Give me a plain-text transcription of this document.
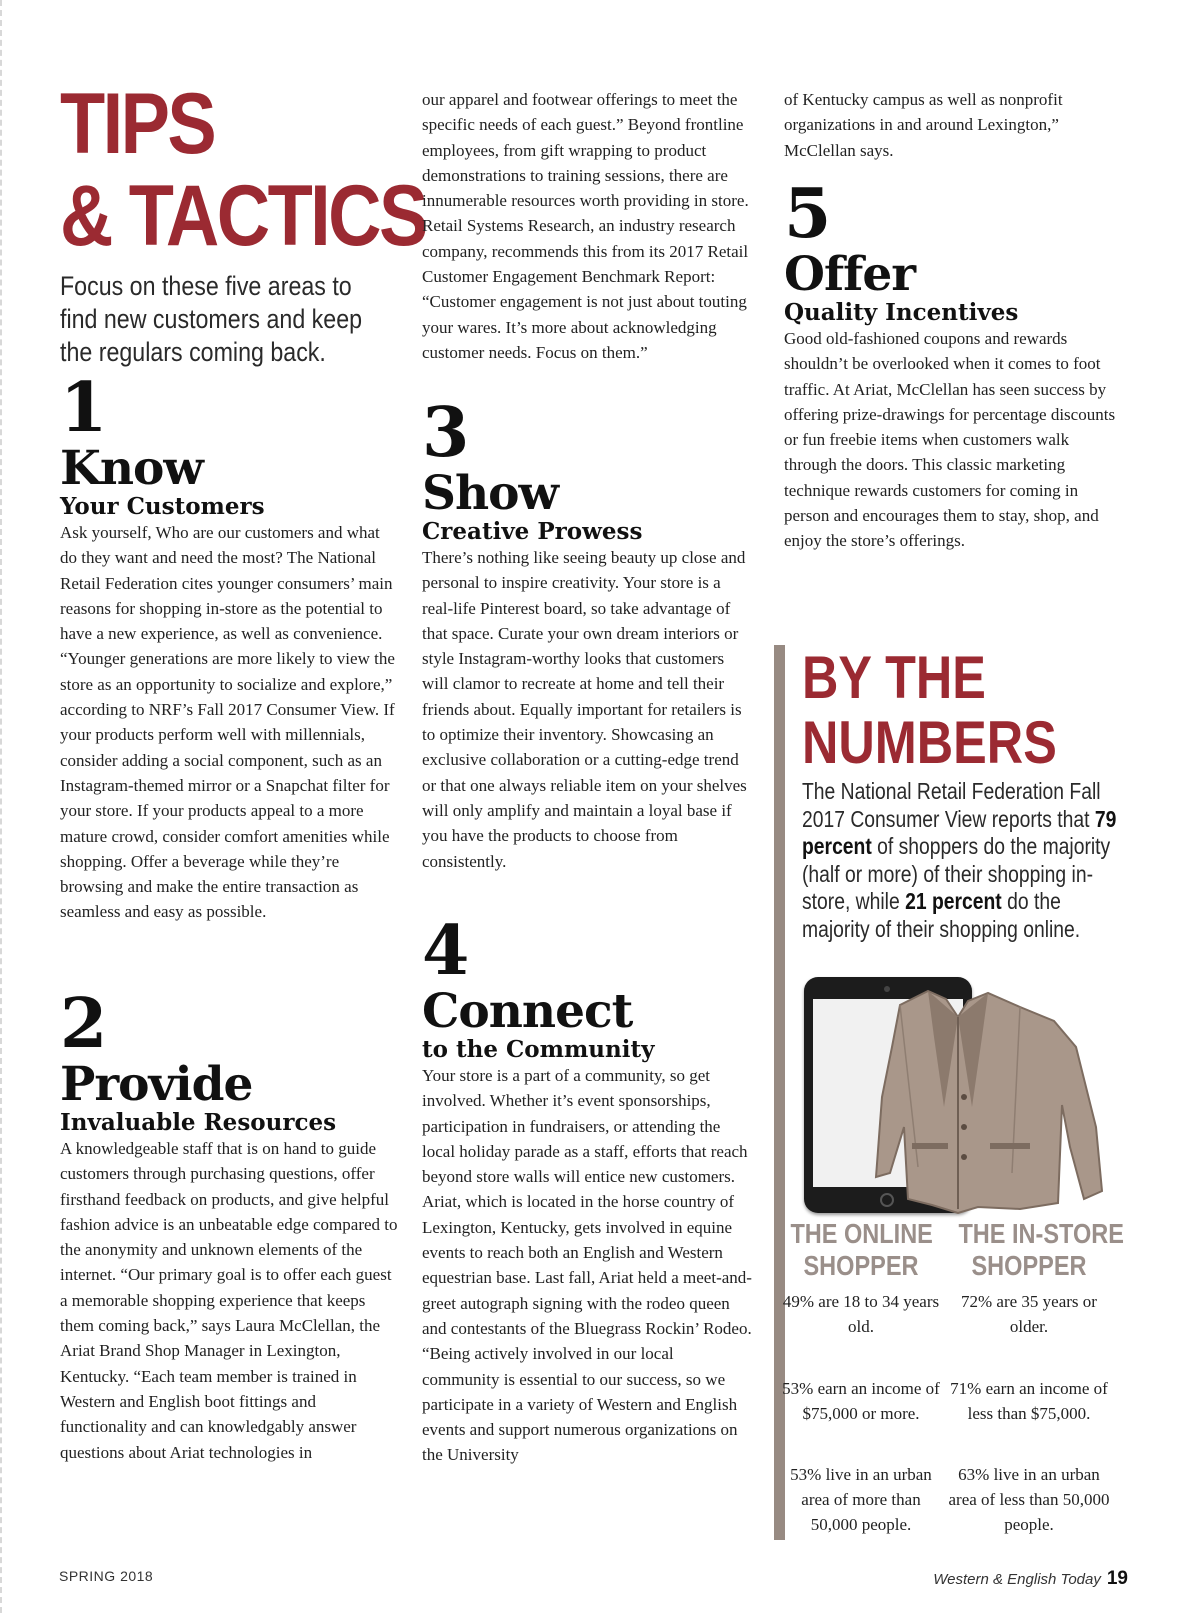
TIPS
& TACTICS

Focus on these five areas to find new customers and keep the regulars coming back.

1
Know
Your Customers

Ask yourself, Who are our customers and what do they want and need the most? The National Retail Federation cites younger consumers’ main reasons for shopping in-store as the potential to have a new experience, as well as convenience. “Younger generations are more likely to view the store as an opportunity to socialize and explore,” according to NRF’s Fall 2017 Consumer View. If your products perform well with millennials, consider adding a social component, such as an Instagram-themed mirror or a Snapchat filter for your store. If your products appeal to a more mature crowd, consider comfort amenities while shopping. Offer a beverage while they’re browsing and make the entire transaction as seamless and easy as possible.

2
Provide
Invaluable Resources

A knowledgeable staff that is on hand to guide customers through purchasing questions, offer firsthand feedback on products, and give helpful fashion advice is an unbeatable edge compared to the anonymity and unknown elements of the internet. “Our primary goal is to offer each guest a memorable shopping experience that keeps them coming back,” says Laura McClellan, the Ariat Brand Shop Manager in Lexington, Kentucky. “Each team member is trained in Western and English boot fittings and functionality and can knowledgably answer questions about Ariat technologies in

our apparel and footwear offerings to meet the specific needs of each guest.” Beyond frontline employees, from gift wrapping to product demonstrations to training sessions, there are innumerable resources worth providing in store. Retail Systems Research, an industry research company, recommends this from its 2017 Retail Customer Engagement Benchmark Report: “Customer engagement is not just about touting your wares. It’s more about acknowledging customer needs. Focus on them.”

3
Show
Creative Prowess

There’s nothing like seeing beauty up close and personal to inspire creativity. Your store is a real-life Pinterest board, so take advantage of that space. Curate your own dream interiors or style Instagram-worthy looks that customers will clamor to recreate at home and tell their friends about. Equally important for retailers is to optimize their inventory. Showcasing an exclusive collaboration or a cutting-edge trend or that one always reliable item on your shelves will only amplify and maintain a loyal base if you have the products to choose from consistently.

4
Connect
to the Community

Your store is a part of a community, so get involved. Whether it’s event sponsorships, participation in fundraisers, or attending the local holiday parade as a staff, efforts that reach beyond store walls will entice new customers. Ariat, which is located in the horse country of Lexington, Kentucky, gets involved in equine events to reach both an English and Western equestrian base. Last fall, Ariat held a meet-and-greet autograph signing with the rodeo queen and contestants of the Bluegrass Rockin’ Rodeo. “Being actively involved in our local community is essential to our success, so we participate in a variety of Western and English events and support numerous organizations on the University

of Kentucky campus as well as nonprofit organizations in and around Lexington,” McClellan says.

5
Offer
Quality Incentives

Good old-fashioned coupons and rewards shouldn’t be overlooked when it comes to foot traffic. At Ariat, McClellan has seen success by offering prize-drawings for percentage discounts or fun freebie items when customers walk through the doors. This classic marketing technique rewards customers for coming in person and encourages them to stay, shop, and enjoy the store’s offerings.

BY THE
NUMBERS

The National Retail Federation Fall 2017 Consumer View reports that 79 percent of shoppers do the majority (half or more) of their shopping in-store, while 21 percent do the majority of their shopping online.

THE ONLINE
SHOPPER

49% are 18 to 34 years old.

53% earn an income of $75,000 or more.

53% live in an urban area of more than 50,000 people.

THE IN-STORE
SHOPPER

72% are 35 years or older.

71% earn an income of less than $75,000.

63% live in an urban area of less than 50,000 people.

SPRING 2018	Western & English Today 19
